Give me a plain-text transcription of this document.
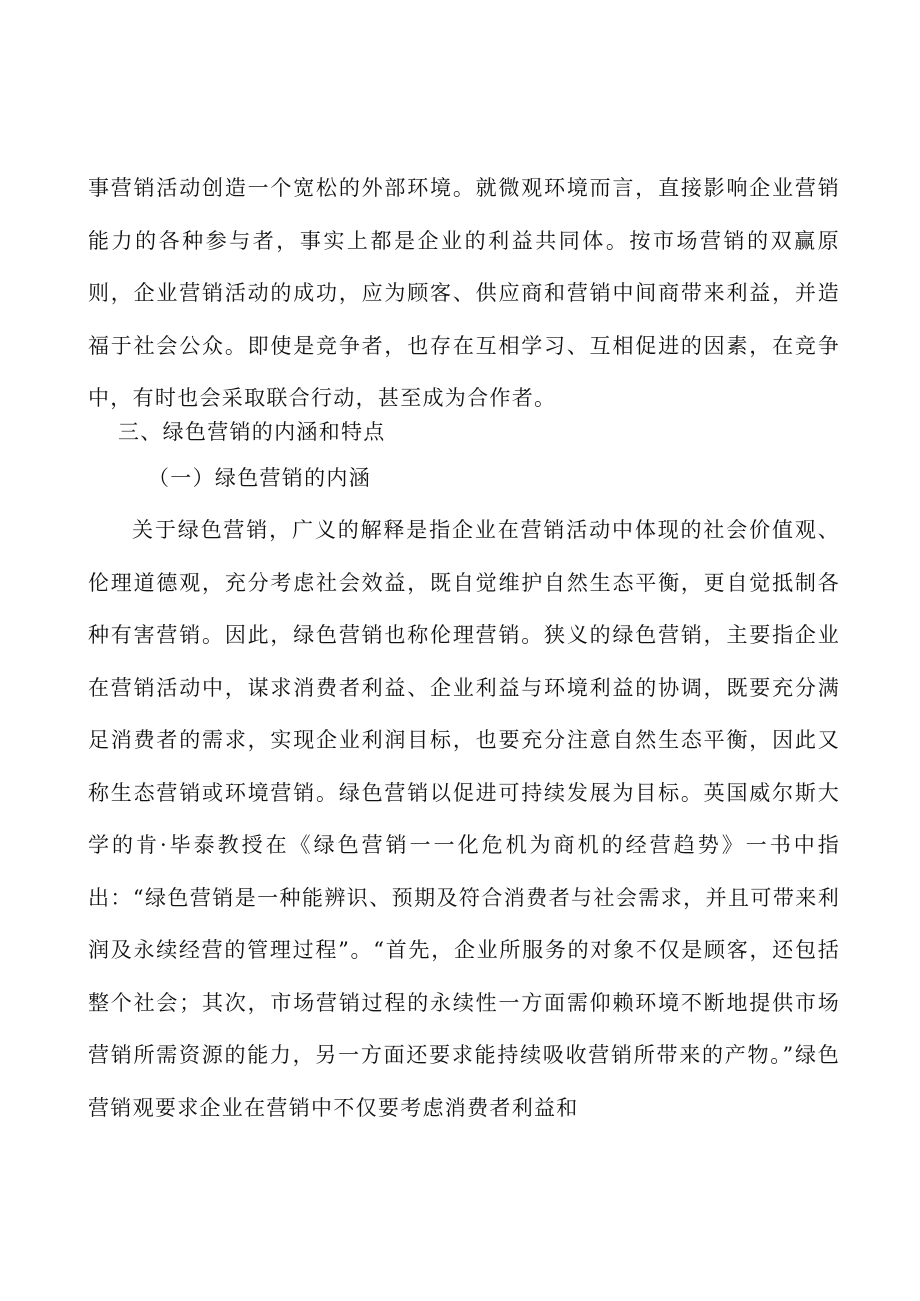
事营销活动创造一个宽松的外部环境。就微观环境而言，直接影响企业营销能力的各种参与者，事实上都是企业的利益共同体。按市场营销的双赢原则，企业营销活动的成功，应为顾客、供应商和营销中间商带来利益，并造福于社会公众。即使是竞争者，也存在互相学习、互相促进的因素，在竞争中，有时也会采取联合行动，甚至成为合作者。

三、绿色营销的内涵和特点

（一）绿色营销的内涵

关于绿色营销，广义的解释是指企业在营销活动中体现的社会价值观、伦理道德观，充分考虑社会效益，既自觉维护自然生态平衡，更自觉抵制各种有害营销。因此，绿色营销也称伦理营销。狭义的绿色营销，主要指企业在营销活动中，谋求消费者利益、企业利益与环境利益的协调，既要充分满足消费者的需求，实现企业利润目标，也要充分注意自然生态平衡，因此又称生态营销或环境营销。绿色营销以促进可持续发展为目标。英国威尔斯大学的肯·毕泰教授在《绿色营销一一化危机为商机的经营趋势》一书中指出：“绿色营销是一种能辨识、预期及符合消费者与社会需求，并且可带来利润及永续经营的管理过程”。“首先，企业所服务的对象不仅是顾客，还包括整个社会；其次，市场营销过程的永续性一方面需仰赖环境不断地提供市场营销所需资源的能力，另一方面还要求能持续吸收营销所带来的产物。”绿色营销观要求企业在营销中不仅要考虑消费者利益和
